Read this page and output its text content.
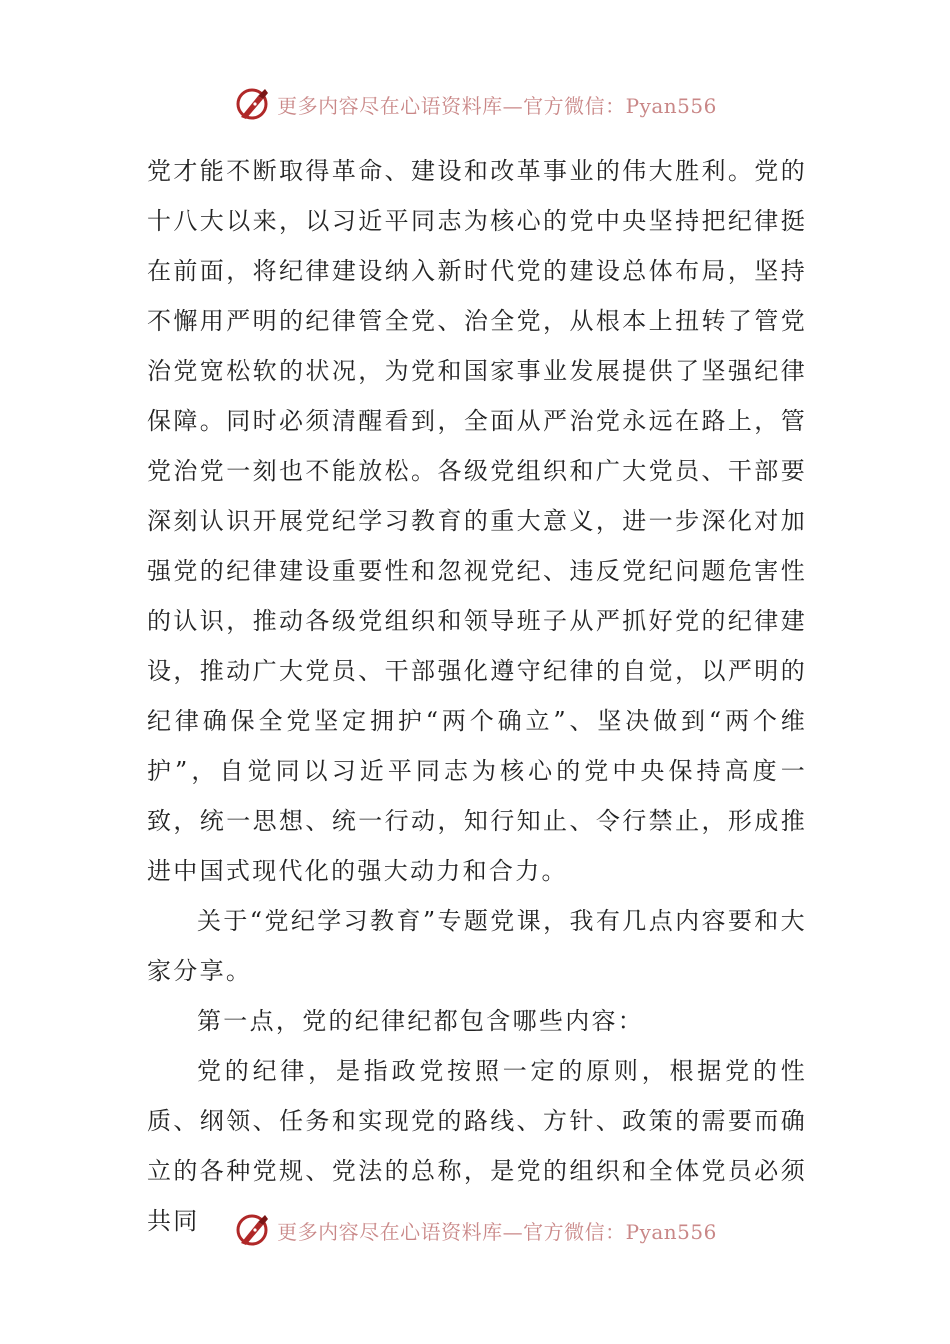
更多内容尽在心语资料库—官方微信：Pyan556

党才能不断取得革命、建设和改革事业的伟大胜利。党的十八大以来，以习近平同志为核心的党中央坚持把纪律挺在前面，将纪律建设纳入新时代党的建设总体布局，坚持不懈用严明的纪律管全党、治全党，从根本上扭转了管党治党宽松软的状况，为党和国家事业发展提供了坚强纪律保障。同时必须清醒看到，全面从严治党永远在路上，管党治党一刻也不能放松。各级党组织和广大党员、干部要深刻认识开展党纪学习教育的重大意义，进一步深化对加强党的纪律建设重要性和忽视党纪、违反党纪问题危害性的认识，推动各级党组织和领导班子从严抓好党的纪律建设，推动广大党员、干部强化遵守纪律的自觉，以严明的纪律确保全党坚定拥护“两个确立”、坚决做到“两个维护”，自觉同以习近平同志为核心的党中央保持高度一致，统一思想、统一行动，知行知止、令行禁止，形成推进中国式现代化的强大动力和合力。

关于“党纪学习教育”专题党课，我有几点内容要和大家分享。

第一点，党的纪律纪都包含哪些内容：

党的纪律，是指政党按照一定的原则，根据党的性质、纲领、任务和实现党的路线、方针、政策的需要而确立的各种党规、党法的总称，是党的组织和全体党员必须共同	更多内容尽在心语资料库—官方微信：Pyan556
